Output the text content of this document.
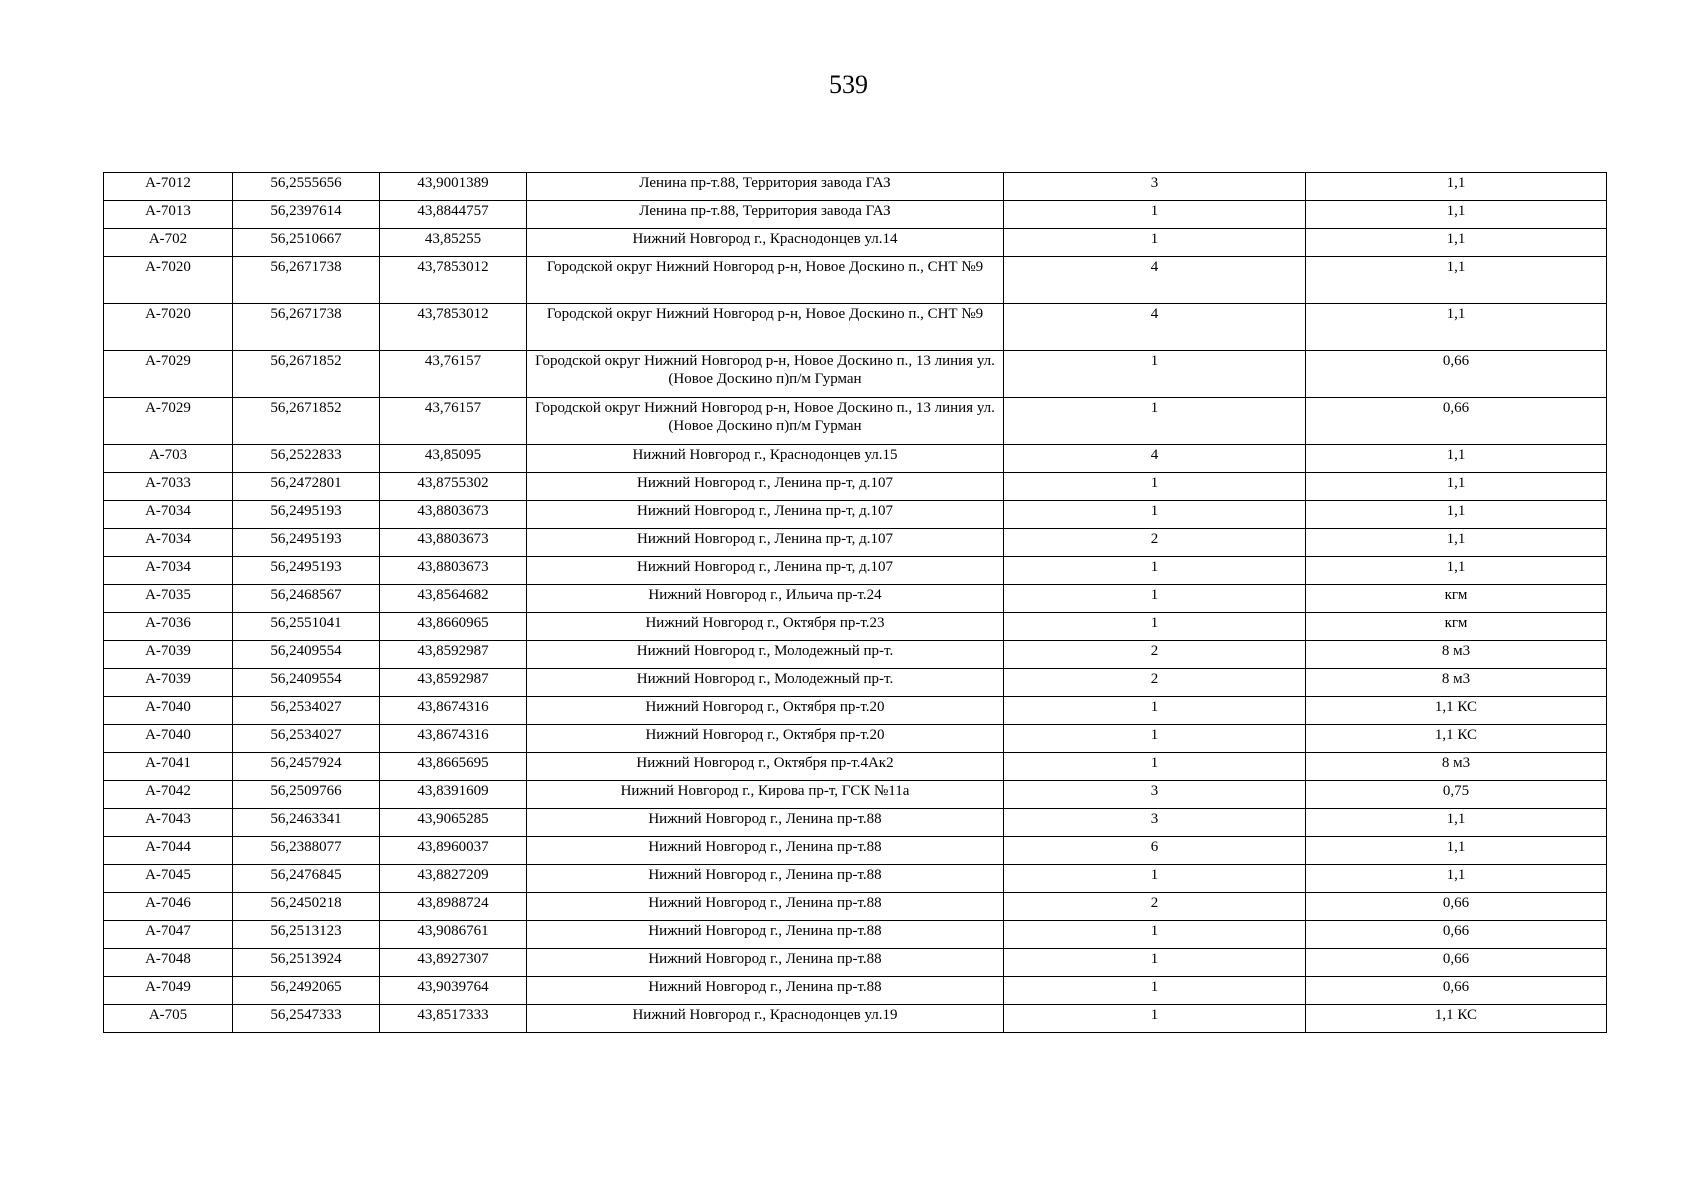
539
А-7012	56,2555656	43,9001389	Ленина пр-т.88, Территория завода ГАЗ	3	1,1
А-7013	56,2397614	43,8844757	Ленина пр-т.88, Территория завода ГАЗ	1	1,1
А-702	56,2510667	43,85255	Нижний Новгород г., Краснодонцев ул.14	1	1,1
А-7020	56,2671738	43,7853012	Городской округ Нижний Новгород р-н, Новое Доскино п., СНТ №9	4	1,1
А-7020	56,2671738	43,7853012	Городской округ Нижний Новгород р-н, Новое Доскино п., СНТ №9	4	1,1
А-7029	56,2671852	43,76157	Городской округ Нижний Новгород р-н, Новое Доскино п., 13 линия ул. (Новое Доскино п)п/м Гурман	1	0,66
А-7029	56,2671852	43,76157	Городской округ Нижний Новгород р-н, Новое Доскино п., 13 линия ул. (Новое Доскино п)п/м Гурман	1	0,66
А-703	56,2522833	43,85095	Нижний Новгород г., Краснодонцев ул.15	4	1,1
А-7033	56,2472801	43,8755302	Нижний Новгород г., Ленина пр-т, д.107	1	1,1
А-7034	56,2495193	43,8803673	Нижний Новгород г., Ленина пр-т, д.107	1	1,1
А-7034	56,2495193	43,8803673	Нижний Новгород г., Ленина пр-т, д.107	2	1,1
А-7034	56,2495193	43,8803673	Нижний Новгород г., Ленина пр-т, д.107	1	1,1
А-7035	56,2468567	43,8564682	Нижний Новгород г., Ильича пр-т.24	1	кгм
А-7036	56,2551041	43,8660965	Нижний Новгород г., Октября пр-т.23	1	кгм
А-7039	56,2409554	43,8592987	Нижний Новгород г., Молодежный пр-т.	2	8 м3
А-7039	56,2409554	43,8592987	Нижний Новгород г., Молодежный пр-т.	2	8 м3
А-7040	56,2534027	43,8674316	Нижний Новгород г., Октября пр-т.20	1	1,1 КС
А-7040	56,2534027	43,8674316	Нижний Новгород г., Октября пр-т.20	1	1,1 КС
А-7041	56,2457924	43,8665695	Нижний Новгород г., Октября пр-т.4Ак2	1	8 м3
А-7042	56,2509766	43,8391609	Нижний Новгород г., Кирова пр-т, ГСК №11а	3	0,75
А-7043	56,2463341	43,9065285	Нижний Новгород г., Ленина пр-т.88	3	1,1
А-7044	56,2388077	43,8960037	Нижний Новгород г., Ленина пр-т.88	6	1,1
А-7045	56,2476845	43,8827209	Нижний Новгород г., Ленина пр-т.88	1	1,1
А-7046	56,2450218	43,8988724	Нижний Новгород г., Ленина пр-т.88	2	0,66
А-7047	56,2513123	43,9086761	Нижний Новгород г., Ленина пр-т.88	1	0,66
А-7048	56,2513924	43,8927307	Нижний Новгород г., Ленина пр-т.88	1	0,66
А-7049	56,2492065	43,9039764	Нижний Новгород г., Ленина пр-т.88	1	0,66
А-705	56,2547333	43,8517333	Нижний Новгород г., Краснодонцев ул.19	1	1,1 КС
